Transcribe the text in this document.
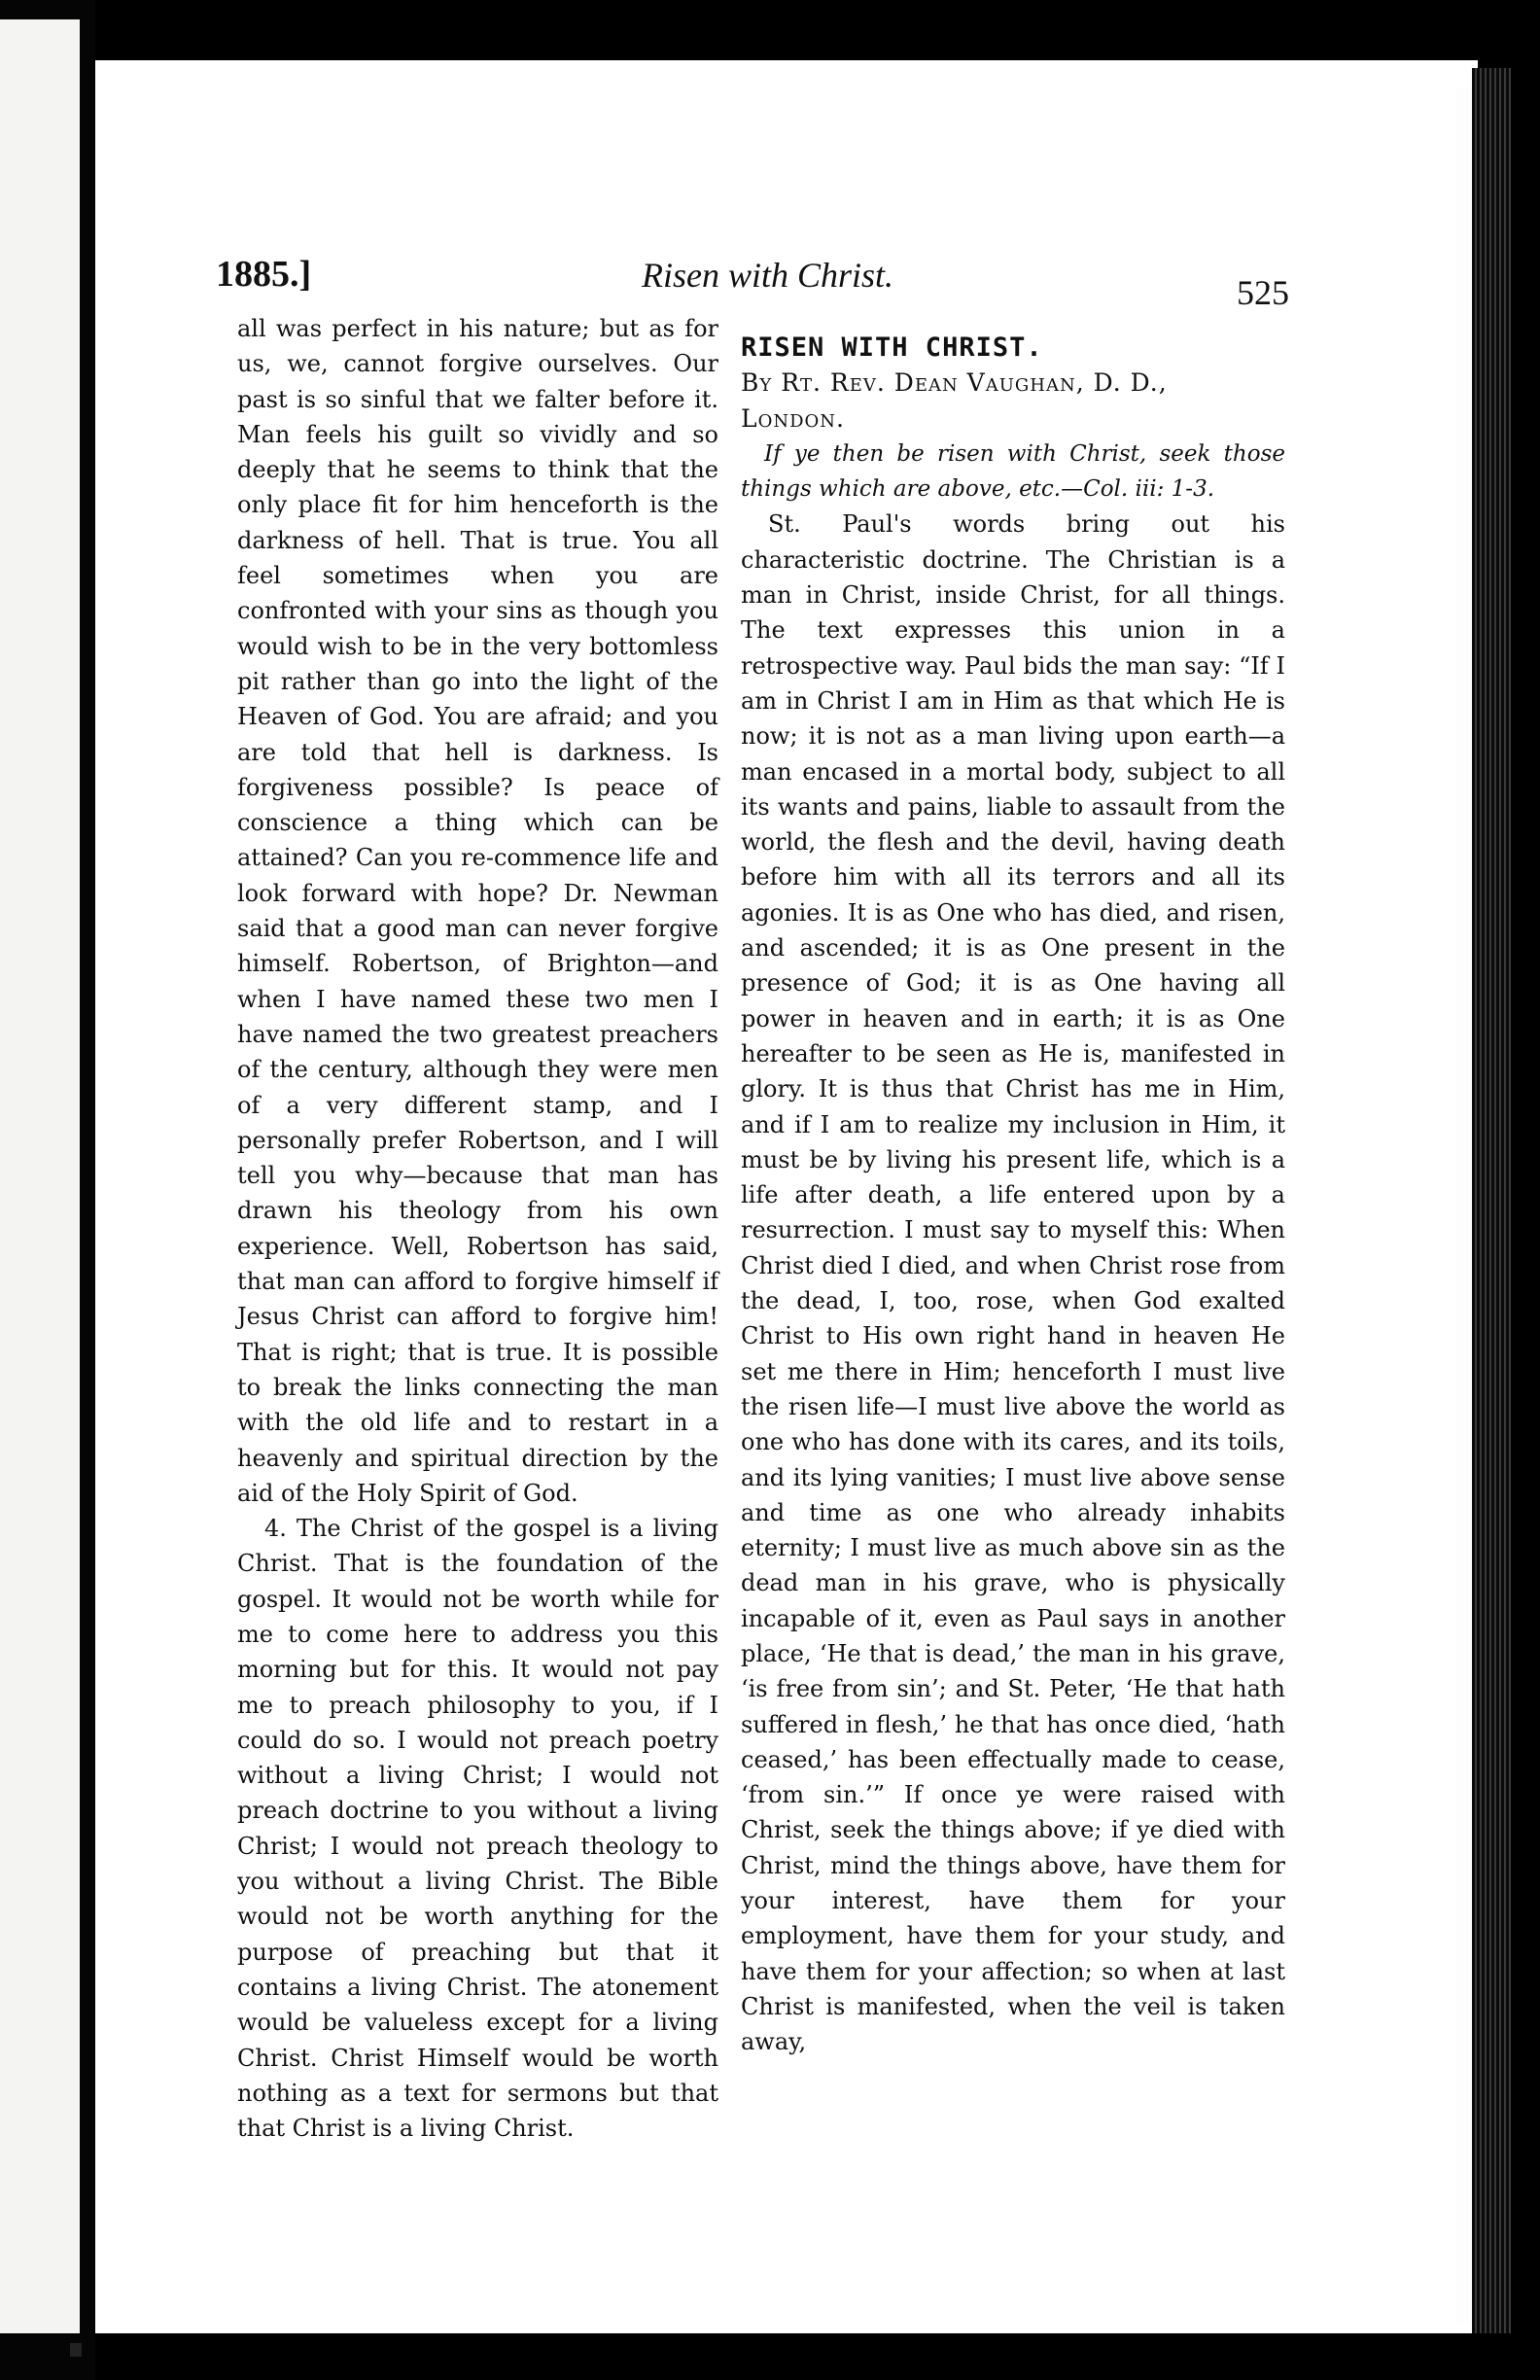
1885.]	Risen with Christ.	525

all was perfect in his nature; but as for us, we, cannot forgive ourselves. Our past is so sinful that we falter before it. Man feels his guilt so vividly and so deeply that he seems to think that the only place fit for him henceforth is the darkness of hell. That is true. You all feel sometimes when you are confronted with your sins as though you would wish to be in the very bottomless pit rather than go into the light of the Heaven of God. You are afraid; and you are told that hell is darkness. Is forgiveness possible? Is peace of conscience a thing which can be attained? Can you re-commence life and look forward with hope? Dr. Newman said that a good man can never forgive himself. Robertson, of Brighton—and when I have named these two men I have named the two greatest preachers of the century, although they were men of a very different stamp, and I personally prefer Robertson, and I will tell you why—because that man has drawn his theology from his own experience. Well, Robertson has said, that man can afford to forgive himself if Jesus Christ can afford to forgive him! That is right; that is true. It is possible to break the links connecting the man with the old life and to restart in a heavenly and spiritual direction by the aid of the Holy Spirit of God.

4. The Christ of the gospel is a living Christ. That is the foundation of the gospel. It would not be worth while for me to come here to address you this morning but for this. It would not pay me to preach philosophy to you, if I could do so. I would not preach poetry without a living Christ; I would not preach doctrine to you without a living Christ; I would not preach theology to you without a living Christ. The Bible would not be worth anything for the purpose of preaching but that it contains a living Christ. The atonement would be valueless except for a living Christ. Christ Himself would be worth nothing as a text for sermons but that that Christ is a living Christ.

RISEN WITH CHRIST.

By Rt. Rev. Dean Vaughan, D. D.,

London.

If ye then be risen with Christ, seek those things which are above, etc.—Col. iii: 1-3.

St. Paul's words bring out his characteristic doctrine. The Christian is a man in Christ, inside Christ, for all things. The text expresses this union in a retrospective way. Paul bids the man say: “If I am in Christ I am in Him as that which He is now; it is not as a man living upon earth—a man encased in a mortal body, subject to all its wants and pains, liable to assault from the world, the flesh and the devil, having death before him with all its terrors and all its agonies. It is as One who has died, and risen, and ascended; it is as One present in the presence of God; it is as One having all power in heaven and in earth; it is as One hereafter to be seen as He is, manifested in glory. It is thus that Christ has me in Him, and if I am to realize my inclusion in Him, it must be by living his present life, which is a life after death, a life entered upon by a resurrection. I must say to myself this: When Christ died I died, and when Christ rose from the dead, I, too, rose, when God exalted Christ to His own right hand in heaven He set me there in Him; henceforth I must live the risen life—I must live above the world as one who has done with its cares, and its toils, and its lying vanities; I must live above sense and time as one who already inhabits eternity; I must live as much above sin as the dead man in his grave, who is physically incapable of it, even as Paul says in another place, ‘He that is dead,’ the man in his grave, ‘is free from sin’; and St. Peter, ‘He that hath suffered in flesh,’ he that has once died, ‘hath ceased,’ has been effectually made to cease, ‘from sin.’” If once ye were raised with Christ, seek the things above; if ye died with Christ, mind the things above, have them for your interest, have them for your employment, have them for your study, and have them for your affection; so when at last Christ is manifested, when the veil is taken away,
